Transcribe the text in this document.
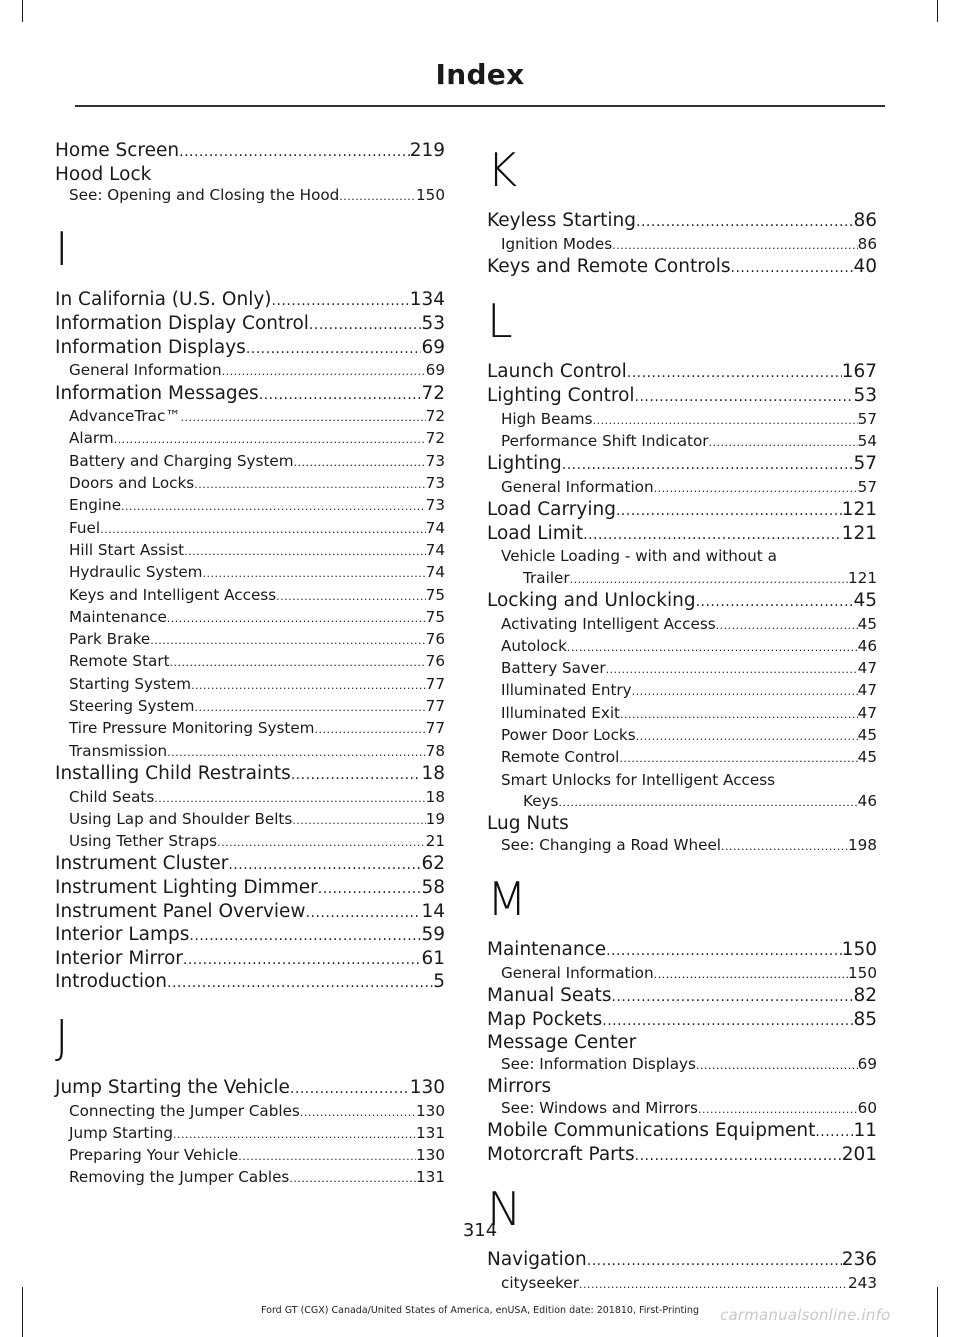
Index
Home Screen .....	219
Hood Lock
See: Opening and Closing the Hood .....	150
I
In California (U.S. Only) .....	134
Information Display Control .....	53
Information Displays .....	69
General Information .....	69
Information Messages .....	72
AdvanceTrac™ .....	72
Alarm .....	72
Battery and Charging System .....	73
Doors and Locks .....	73
Engine .....	73
Fuel .....	74
Hill Start Assist .....	74
Hydraulic System .....	74
Keys and Intelligent Access .....	75
Maintenance .....	75
Park Brake .....	76
Remote Start .....	76
Starting System .....	77
Steering System .....	77
Tire Pressure Monitoring System .....	77
Transmission .....	78
Installing Child Restraints .....	18
Child Seats .....	18
Using Lap and Shoulder Belts .....	19
Using Tether Straps .....	21
Instrument Cluster .....	62
Instrument Lighting Dimmer .....	58
Instrument Panel Overview .....	14
Interior Lamps .....	59
Interior Mirror .....	61
Introduction .....	5
J
Jump Starting the Vehicle .....	130
Connecting the Jumper Cables .....	130
Jump Starting .....	131
Preparing Your Vehicle .....	130
Removing the Jumper Cables .....	131
K
Keyless Starting .....	86
Ignition Modes .....	86
Keys and Remote Controls .....	40
L
Launch Control .....	167
Lighting Control .....	53
High Beams .....	57
Performance Shift Indicator .....	54
Lighting .....	57
General Information .....	57
Load Carrying .....	121
Load Limit .....	121
Vehicle Loading - with and without a
Trailer .....	121
Locking and Unlocking .....	45
Activating Intelligent Access .....	45
Autolock .....	46
Battery Saver .....	47
Illuminated Entry .....	47
Illuminated Exit .....	47
Power Door Locks .....	45
Remote Control .....	45
Smart Unlocks for Intelligent Access
Keys .....	46
Lug Nuts
See: Changing a Road Wheel .....	198
M
Maintenance .....	150
General Information .....	150
Manual Seats .....	82
Map Pockets .....	85
Message Center
See: Information Displays .....	69
Mirrors
See: Windows and Mirrors .....	60
Mobile Communications Equipment ..... 11
Motorcraft Parts .....	201
N
Navigation .....	236
cityseeker .....	243
314
Ford GT (CGX) Canada/United States of America, enUSA, Edition date: 201810, First-Printing	carmanualsonline.info
